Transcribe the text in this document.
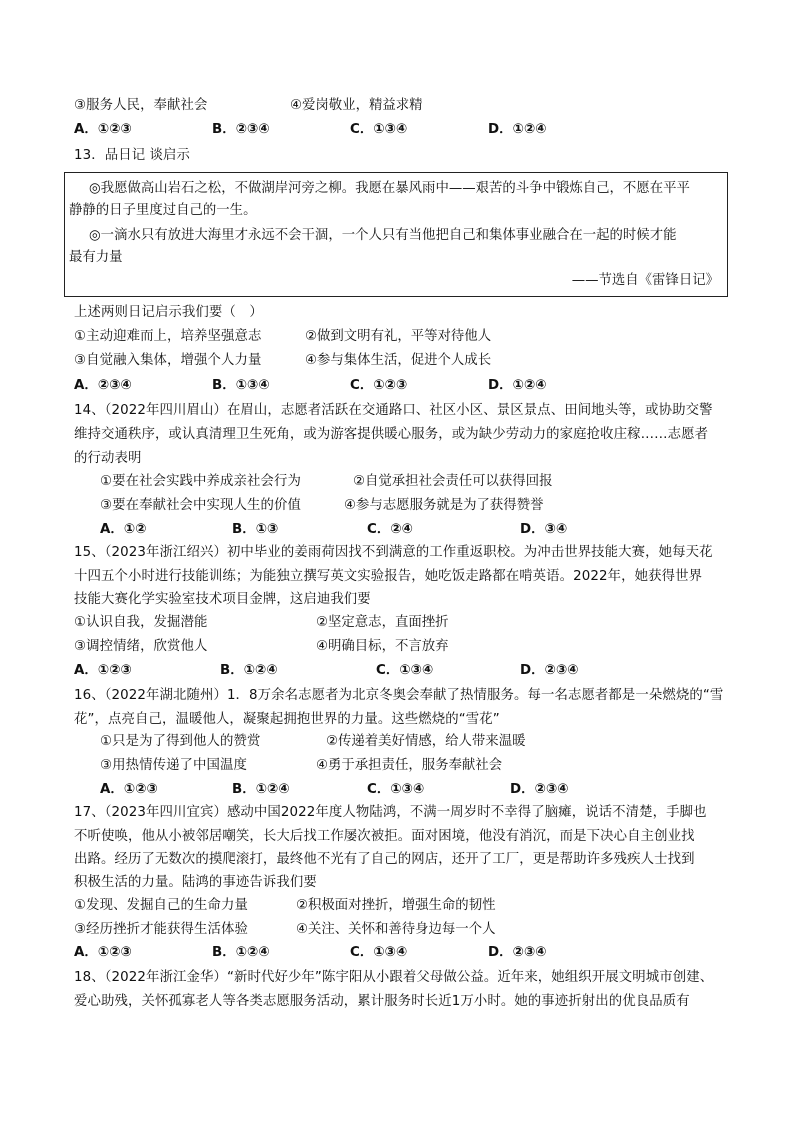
③服务人民，奉献社会	④爱岗敬业，精益求精
A．①②③	B．②③④	C．①③④	D．①②④
13．品日记 谈启示
◎我愿做高山岩石之松，不做湖岸河旁之柳。我愿在暴风雨中——艰苦的斗争中锻炼自己，不愿在平平
静静的日子里度过自己的一生。
◎一滴水只有放进大海里才永远不会干涸，一个人只有当他把自己和集体事业融合在一起的时候才能
最有力量
——节选自《雷锋日记》
上述两则日记启示我们要（　）
①主动迎难而上，培养坚强意志	②做到文明有礼，平等对待他人
③自觉融入集体，增强个人力量	④参与集体生活，促进个人成长
A．②③④	B．①③④	C．①②③	D．①②④
14、（2022年四川眉山）在眉山，志愿者活跃在交通路口、社区小区、景区景点、田间地头等，或协助交警
维持交通秩序，或认真清理卫生死角，或为游客提供暖心服务，或为缺少劳动力的家庭抢收庄稼……志愿者
的行动表明
①要在社会实践中养成亲社会行为	②自觉承担社会责任可以获得回报
③要在奉献社会中实现人生的价值	④参与志愿服务就是为了获得赞誉
A．①②	B．①③	C．②④	D．③④
15、（2023年浙江绍兴）初中毕业的姜雨荷因找不到满意的工作重返职校。为冲击世界技能大赛，她每天花
十四五个小时进行技能训练；为能独立撰写英文实验报告，她吃饭走路都在啃英语。2022年，她获得世界
技能大赛化学实验室技术项目金牌，这启迪我们要
①认识自我，发掘潜能	②坚定意志，直面挫折
③调控情绪，欣赏他人	④明确目标，不言放弃
A．①②③	B．①②④	C．①③④	D．②③④
16、（2022年湖北随州）1．8万余名志愿者为北京冬奥会奉献了热情服务。每一名志愿者都是一朵燃烧的“雪
花”，点亮自己，温暖他人，凝聚起拥抱世界的力量。这些燃烧的“雪花”
①只是为了得到他人的赞赏	②传递着美好情感，给人带来温暖
③用热情传递了中国温度	④勇于承担责任，服务奉献社会
A．①②③	B．①②④	C．①③④	D．②③④
17、（2023年四川宜宾）感动中国2022年度人物陆鸿，不满一周岁时不幸得了脑瘫，说话不清楚，手脚也
不听使唤，他从小被邻居嘲笑，长大后找工作屡次被拒。面对困境，他没有消沉，而是下决心自主创业找
出路。经历了无数次的摸爬滚打，最终他不光有了自己的网店，还开了工厂，更是帮助许多残疾人士找到
积极生活的力量。陆鸿的事迹告诉我们要
①发现、发掘自己的生命力量	②积极面对挫折，增强生命的韧性
③经历挫折才能获得生活体验	④关注、关怀和善待身边每一个人
A．①②③	B．①②④	C．①③④	D．②③④
18、（2022年浙江金华）“新时代好少年”陈宇阳从小跟着父母做公益。近年来，她组织开展文明城市创建、
爱心助残，关怀孤寡老人等各类志愿服务活动，累计服务时长近1万小时。她的事迹折射出的优良品质有
